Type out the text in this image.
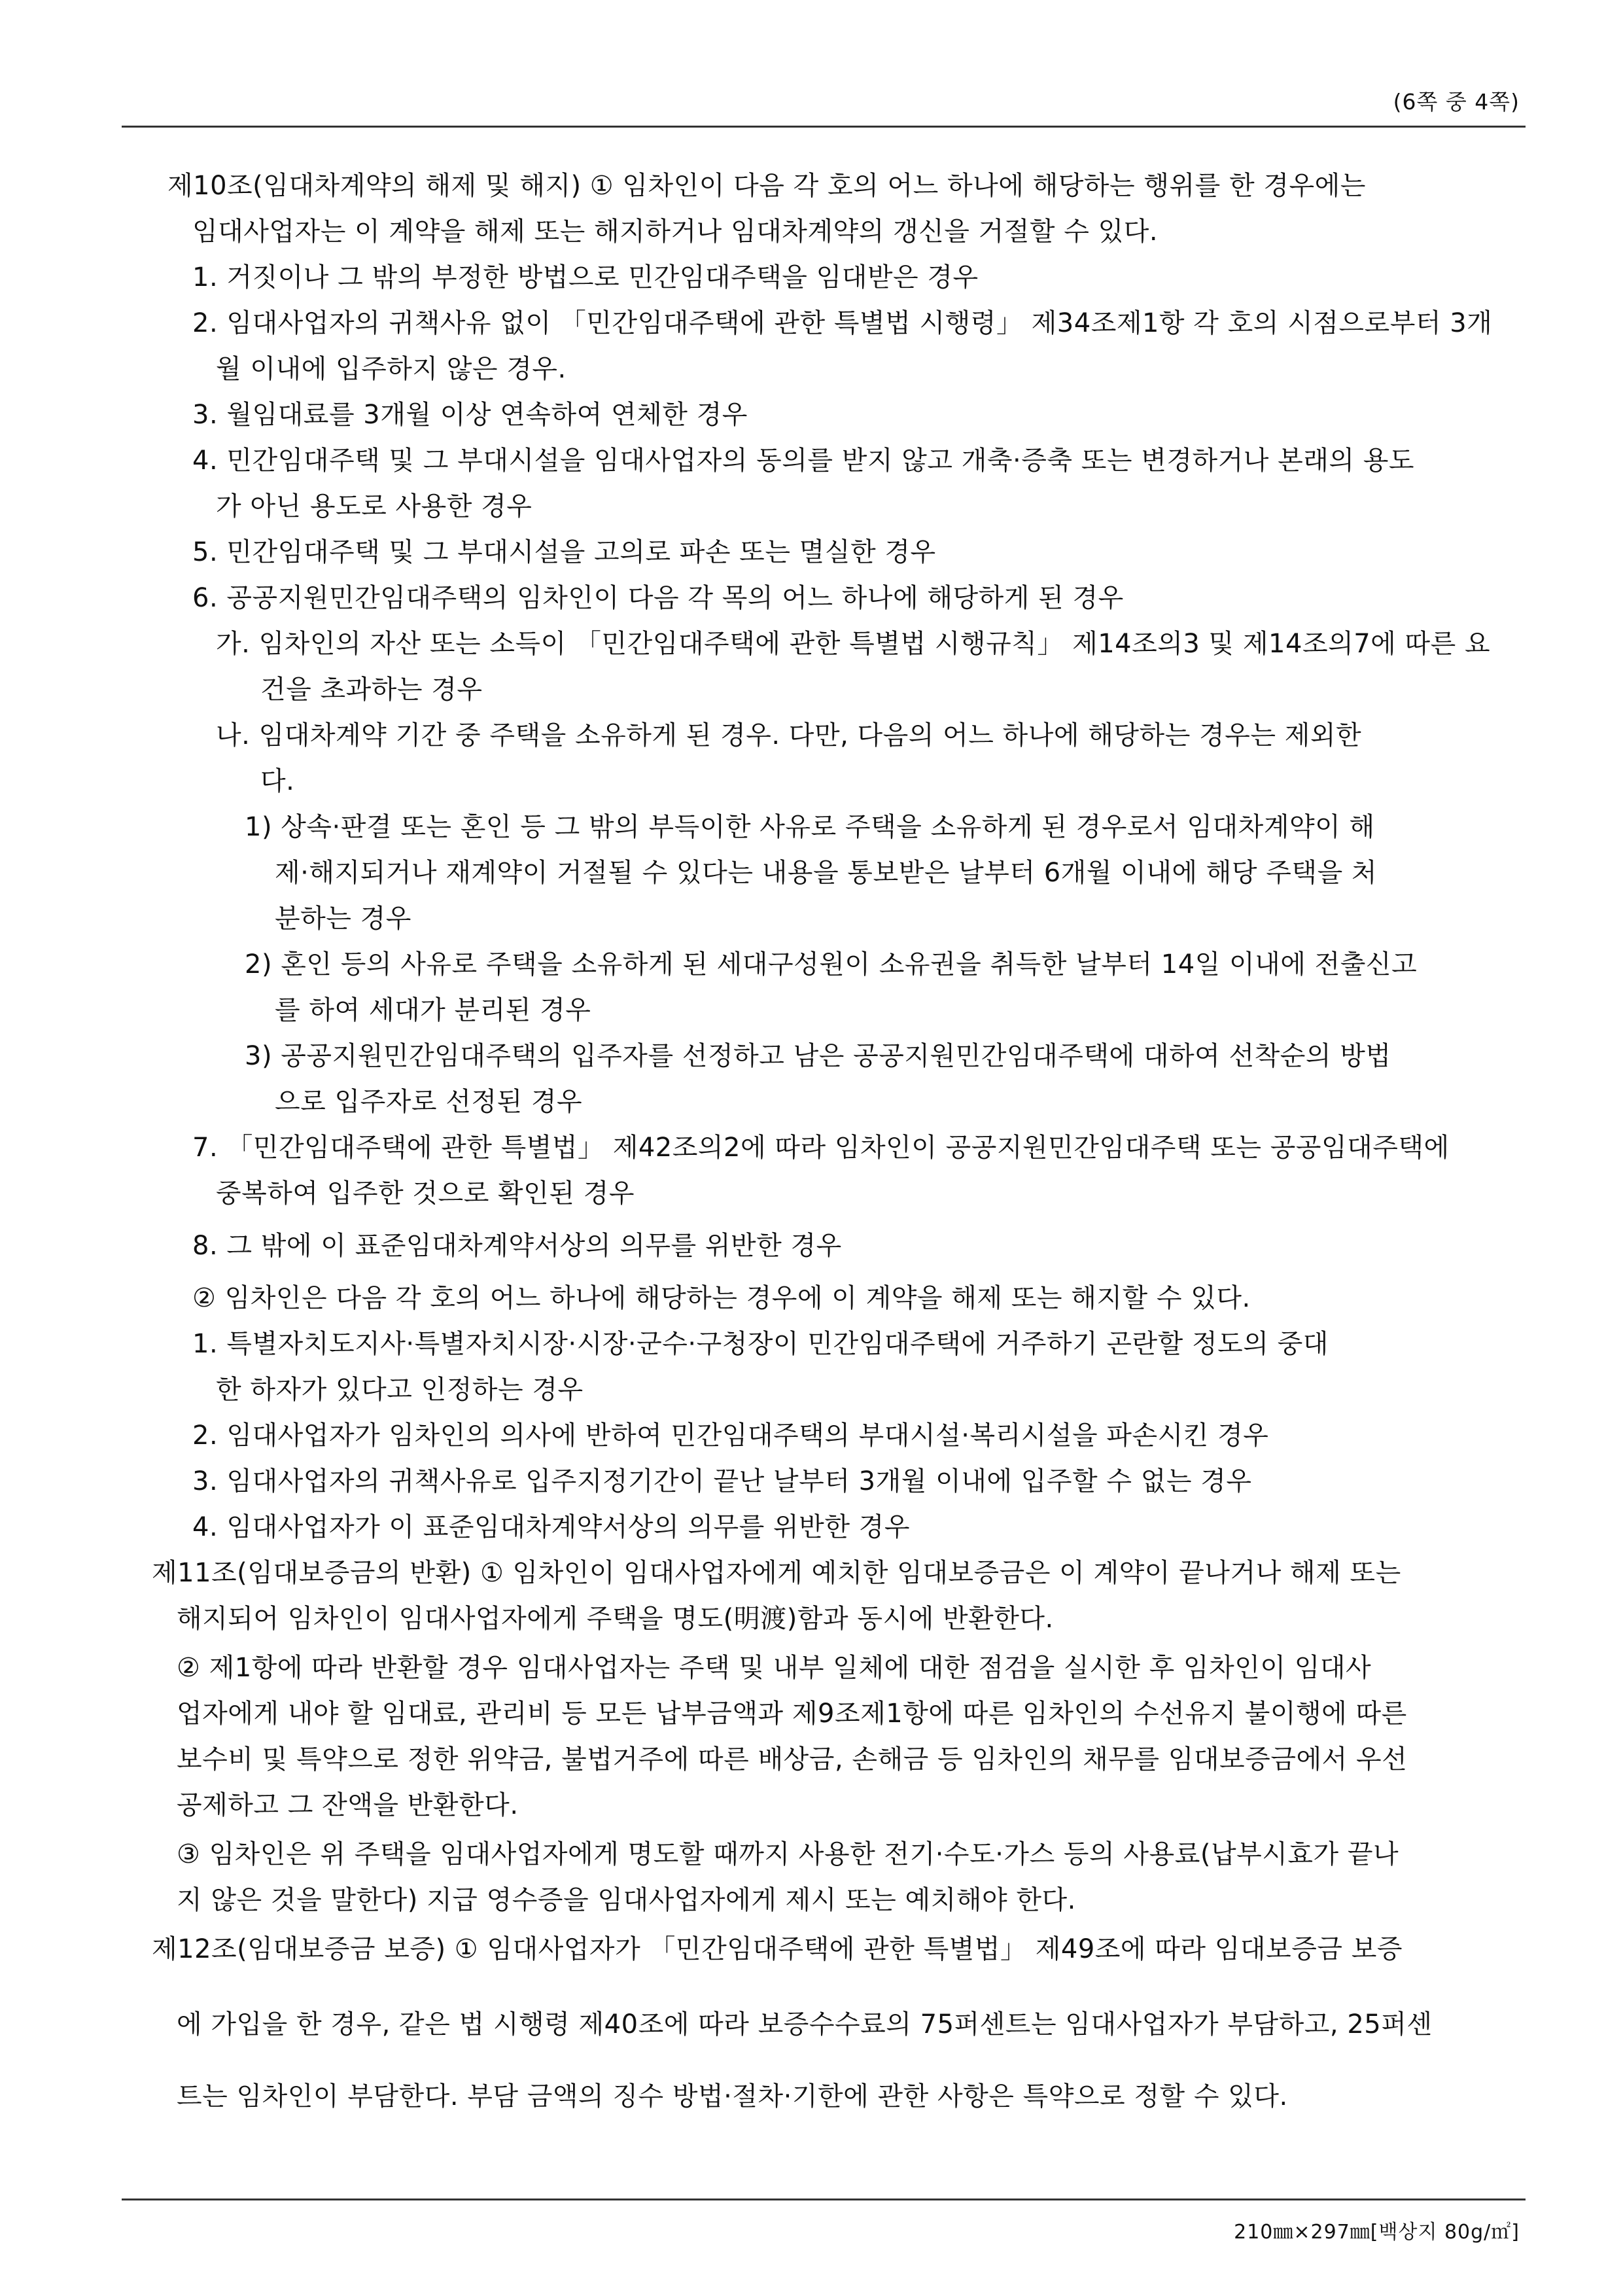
(6쪽 중 4쪽)
제10조(임대차계약의 해제 및 해지) ① 임차인이 다음 각 호의 어느 하나에 해당하는 행위를 한 경우에는
임대사업자는 이 계약을 해제 또는 해지하거나 임대차계약의 갱신을 거절할 수 있다.
1. 거짓이나 그 밖의 부정한 방법으로 민간임대주택을 임대받은 경우
2. 임대사업자의 귀책사유 없이 「민간임대주택에 관한 특별법 시행령」 제34조제1항 각 호의 시점으로부터 3개
월 이내에 입주하지 않은 경우.
3. 월임대료를 3개월 이상 연속하여 연체한 경우
4. 민간임대주택 및 그 부대시설을 임대사업자의 동의를 받지 않고 개축·증축 또는 변경하거나 본래의 용도
가 아닌 용도로 사용한 경우
5. 민간임대주택 및 그 부대시설을 고의로 파손 또는 멸실한 경우
6. 공공지원민간임대주택의 임차인이 다음 각 목의 어느 하나에 해당하게 된 경우
가. 임차인의 자산 또는 소득이 「민간임대주택에 관한 특별법 시행규칙」 제14조의3 및 제14조의7에 따른 요
건을 초과하는 경우
나. 임대차계약 기간 중 주택을 소유하게 된 경우. 다만, 다음의 어느 하나에 해당하는 경우는 제외한
다.
1) 상속·판결 또는 혼인 등 그 밖의 부득이한 사유로 주택을 소유하게 된 경우로서 임대차계약이 해
제·해지되거나 재계약이 거절될 수 있다는 내용을 통보받은 날부터 6개월 이내에 해당 주택을 처
분하는 경우
2) 혼인 등의 사유로 주택을 소유하게 된 세대구성원이 소유권을 취득한 날부터 14일 이내에 전출신고
를 하여 세대가 분리된 경우
3) 공공지원민간임대주택의 입주자를 선정하고 남은 공공지원민간임대주택에 대하여 선착순의 방법
으로 입주자로 선정된 경우
7. 「민간임대주택에 관한 특별법」 제42조의2에 따라 임차인이 공공지원민간임대주택 또는 공공임대주택에
중복하여 입주한 것으로 확인된 경우
8. 그 밖에 이 표준임대차계약서상의 의무를 위반한 경우
② 임차인은 다음 각 호의 어느 하나에 해당하는 경우에 이 계약을 해제 또는 해지할 수 있다.
1. 특별자치도지사·특별자치시장·시장·군수·구청장이 민간임대주택에 거주하기 곤란할 정도의 중대
한 하자가 있다고 인정하는 경우
2. 임대사업자가 임차인의 의사에 반하여 민간임대주택의 부대시설·복리시설을 파손시킨 경우
3. 임대사업자의 귀책사유로 입주지정기간이 끝난 날부터 3개월 이내에 입주할 수 없는 경우
4. 임대사업자가 이 표준임대차계약서상의 의무를 위반한 경우
제11조(임대보증금의 반환) ① 임차인이 임대사업자에게 예치한 임대보증금은 이 계약이 끝나거나 해제 또는
해지되어 임차인이 임대사업자에게 주택을 명도(明渡)함과 동시에 반환한다.
② 제1항에 따라 반환할 경우 임대사업자는 주택 및 내부 일체에 대한 점검을 실시한 후 임차인이 임대사
업자에게 내야 할 임대료, 관리비 등 모든 납부금액과 제9조제1항에 따른 임차인의 수선유지 불이행에 따른
보수비 및 특약으로 정한 위약금, 불법거주에 따른 배상금, 손해금 등 임차인의 채무를 임대보증금에서 우선
공제하고 그 잔액을 반환한다.
③ 임차인은 위 주택을 임대사업자에게 명도할 때까지 사용한 전기·수도·가스 등의 사용료(납부시효가 끝나
지 않은 것을 말한다) 지급 영수증을 임대사업자에게 제시 또는 예치해야 한다.
제12조(임대보증금 보증) ① 임대사업자가 「민간임대주택에 관한 특별법」 제49조에 따라 임대보증금 보증
에 가입을 한 경우, 같은 법 시행령 제40조에 따라 보증수수료의 75퍼센트는 임대사업자가 부담하고, 25퍼센
트는 임차인이 부담한다. 부담 금액의 징수 방법·절차·기한에 관한 사항은 특약으로 정할 수 있다.
210㎜×297㎜[백상지 80g/㎡]
